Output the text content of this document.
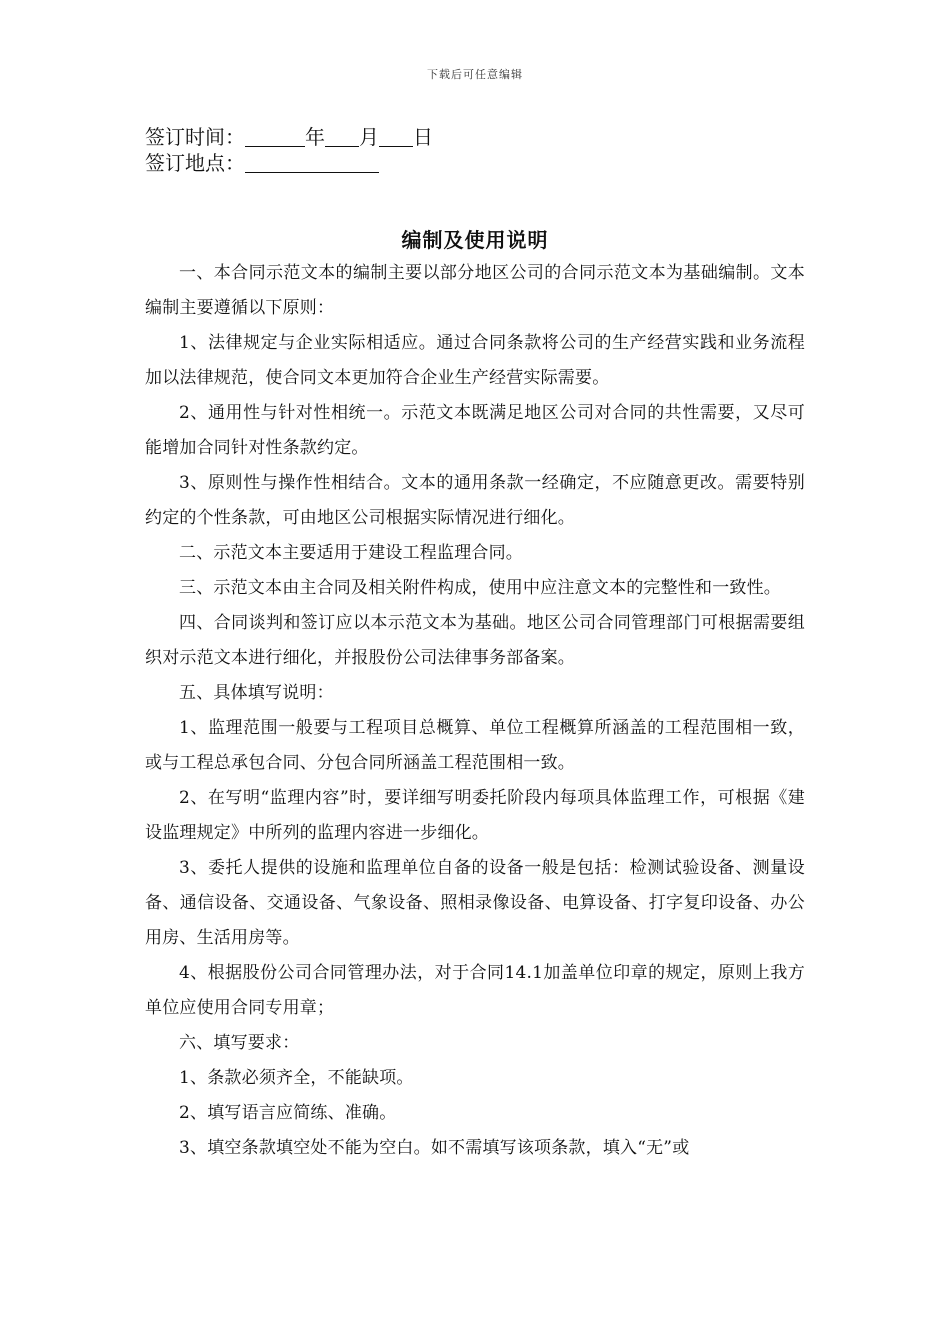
下载后可任意编辑
签订时间：	年 月 日
签订地点：
编制及使用说明

一、本合同示范文本的编制主要以部分地区公司的合同示范文本为基础编制。文本编制主要遵循以下原则：

1、法律规定与企业实际相适应。通过合同条款将公司的生产经营实践和业务流程加以法律规范，使合同文本更加符合企业生产经营实际需要。

2、通用性与针对性相统一。示范文本既满足地区公司对合同的共性需要，又尽可能增加合同针对性条款约定。

3、原则性与操作性相结合。文本的通用条款一经确定，不应随意更改。需要特别约定的个性条款，可由地区公司根据实际情况进行细化。

二、示范文本主要适用于建设工程监理合同。

三、示范文本由主合同及相关附件构成，使用中应注意文本的完整性和一致性。

四、合同谈判和签订应以本示范文本为基础。地区公司合同管理部门可根据需要组织对示范文本进行细化，并报股份公司法律事务部备案。

五、具体填写说明：

1、监理范围一般要与工程项目总概算、单位工程概算所涵盖的工程范围相一致，或与工程总承包合同、分包合同所涵盖工程范围相一致。

2、在写明“监理内容”时，要详细写明委托阶段内每项具体监理工作，可根据《建设监理规定》中所列的监理内容进一步细化。

3、委托人提供的设施和监理单位自备的设备一般是包括：检测试验设备、测量设备、通信设备、交通设备、气象设备、照相录像设备、电算设备、打字复印设备、办公用房、生活用房等。

4、根据股份公司合同管理办法，对于合同14.1加盖单位印章的规定，原则上我方单位应使用合同专用章；

六、填写要求：

1、条款必须齐全，不能缺项。

2、填写语言应简练、准确。

3、填空条款填空处不能为空白。如不需填写该项条款，填入“无”或
